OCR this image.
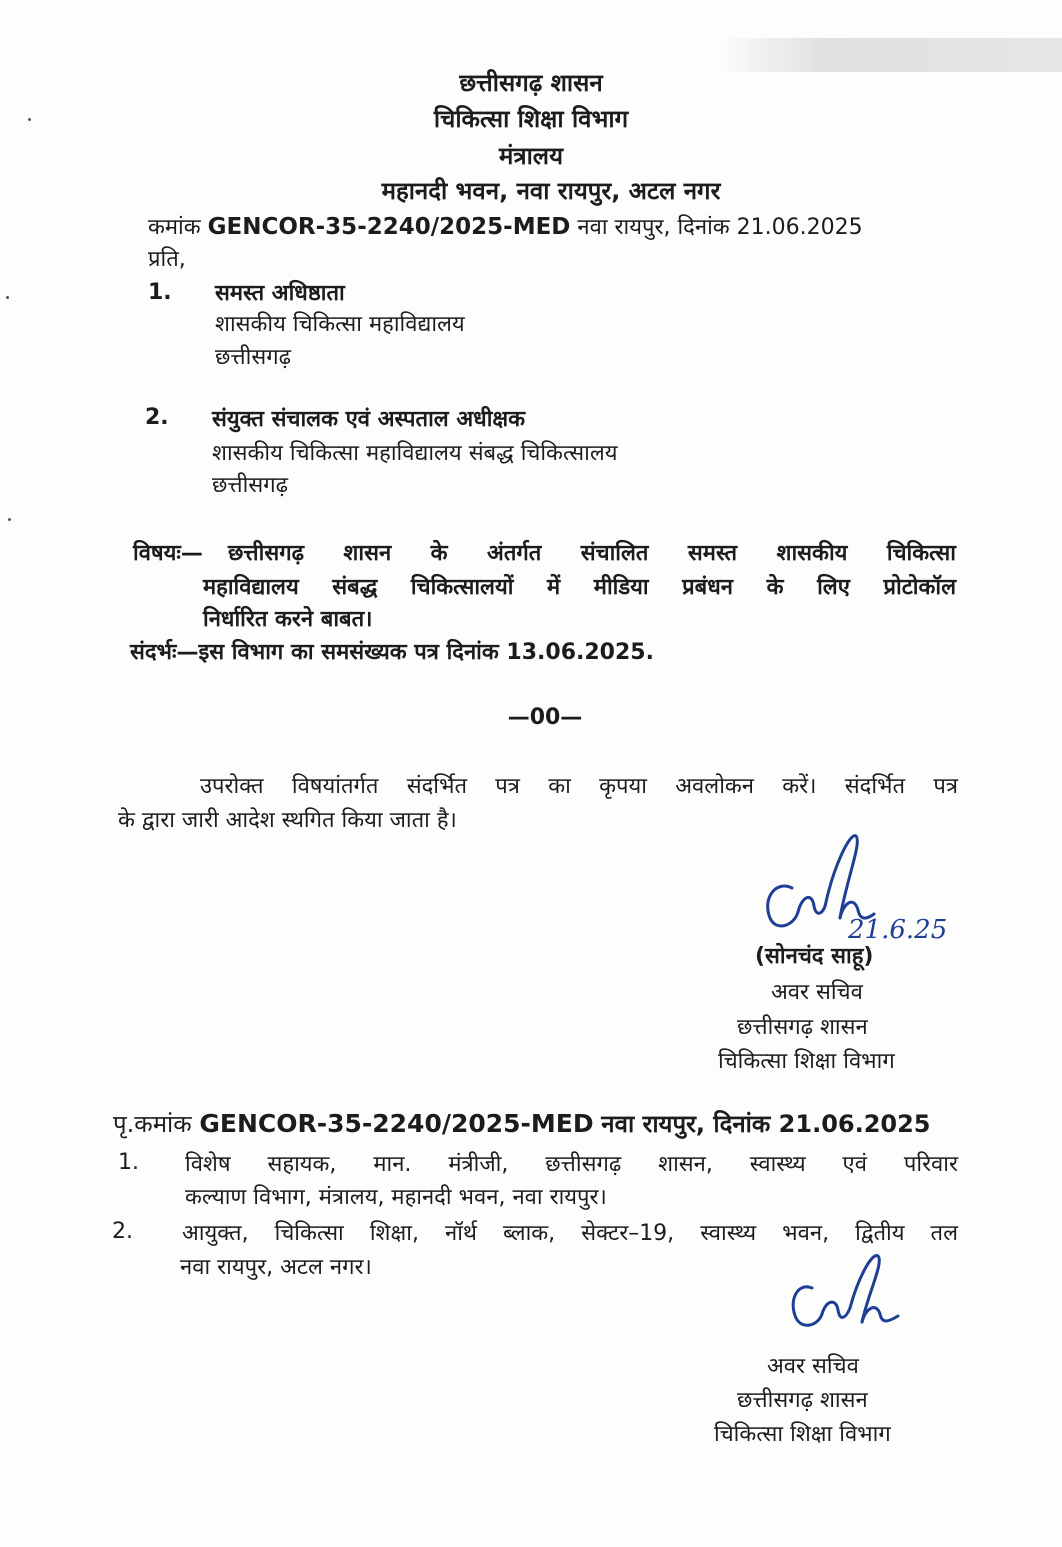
छत्तीसगढ़ शासन
चिकित्सा शिक्षा विभाग
मंत्रालय
महानदी भवन, नवा रायपुर, अटल नगर
कमांक GENCOR-35-2240/2025-MED नवा रायपुर, दिनांक 21.06.2025
प्रति,
1. समस्त अधिष्ठाता
शासकीय चिकित्सा महाविद्यालय
छत्तीसगढ़
2. संयुक्त संचालक एवं अस्पताल अधीक्षक
शासकीय चिकित्सा महाविद्यालय संबद्ध चिकित्सालय
छत्तीसगढ़
विषयः— छत्तीसगढ़ शासन के अंतर्गत संचालित समस्त शासकीय चिकित्सा
महाविद्यालय संबद्ध चिकित्सालयों में मीडिया प्रबंधन के लिए प्रोटोकॉल
निर्धारित करने बाबत।
संदर्भः—इस विभाग का समसंख्यक पत्र दिनांक 13.06.2025.
—00—
उपरोक्त विषयांतर्गत संदर्भित पत्र का कृपया अवलोकन करें। संदर्भित पत्र
के द्वारा जारी आदेश स्थगित किया जाता है।
21.6.25
(सोनचंद साहू)
अवर सचिव
छत्तीसगढ़ शासन
चिकित्सा शिक्षा विभाग
पृ.कमांक GENCOR-35-2240/2025-MED नवा रायपुर, दिनांक 21.06.2025
1. विशेष सहायक, मान. मंत्रीजी, छत्तीसगढ़ शासन, स्वास्थ्य एवं परिवार
कल्याण विभाग, मंत्रालय, महानदी भवन, नवा रायपुर।
2. आयुक्त, चिकित्सा शिक्षा, नॉर्थ ब्लाक, सेक्टर–19, स्वास्थ्य भवन, द्वितीय तल
नवा रायपुर, अटल नगर।
अवर सचिव
छत्तीसगढ़ शासन
चिकित्सा शिक्षा विभाग
